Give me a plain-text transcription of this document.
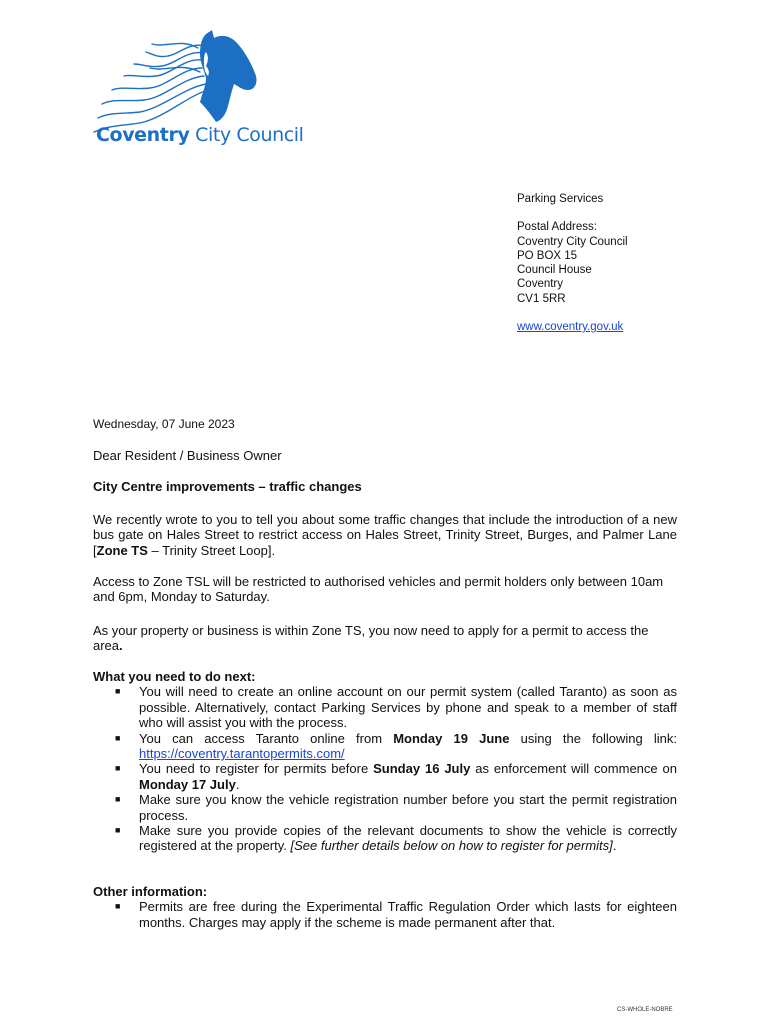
Coventry City Council
Parking Services
Postal Address:
Coventry City Council
PO BOX 15
Council House
Coventry
CV1 5RR
www.coventry.gov.uk
Wednesday, 07 June 2023
Dear Resident / Business Owner
City Centre improvements – traffic changes
We recently wrote to you to tell you about some traffic changes that include the introduction of a new bus gate on Hales Street to restrict access on Hales Street, Trinity Street, Burges, and Palmer Lane [Zone TS – Trinity Street Loop].
Access to Zone TSL will be restricted to authorised vehicles and permit holders only between 10am and 6pm, Monday to Saturday.
As your property or business is within Zone TS, you now need to apply for a permit to access the area.
What you need to do next:
■ You will need to create an online account on our permit system (called Taranto) as soon as possible. Alternatively, contact Parking Services by phone and speak to a member of staff who will assist you with the process.
■ You can access Taranto online from Monday 19 June using the following link: https://coventry.tarantopermits.com/
■ You need to register for permits before Sunday 16 July as enforcement will commence on Monday 17 July.
■ Make sure you know the vehicle registration number before you start the permit registration process.
■ Make sure you provide copies of the relevant documents to show the vehicle is correctly registered at the property. [See further details below on how to register for permits].
Other information:
■ Permits are free during the Experimental Traffic Regulation Order which lasts for eighteen months. Charges may apply if the scheme is made permanent after that.
CS-WHOLE-NOBRE
